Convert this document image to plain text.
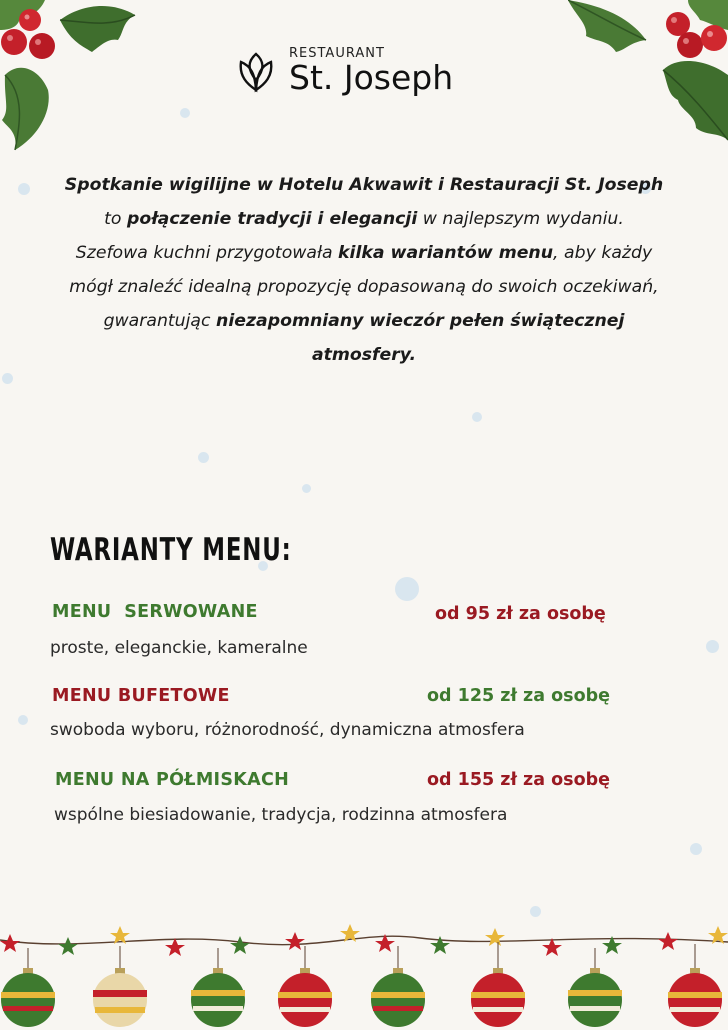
RESTAURANT
St. Joseph
Spotkanie wigilijne w Hotelu Akwawit i Restauracji St. Joseph to połączenie tradycji i elegancji w najlepszym wydaniu.
Szefowa kuchni przygotowała kilka wariantów menu, aby każdy mógł znaleźć idealną propozycję dopasowaną do swoich oczekiwań, gwarantując niezapomniany wieczór pełen świątecznej atmosfery.
WARIANTY MENU:
MENU  SERWOWANE	od 95 zł za osobę
proste, eleganckie, kameralne
MENU BUFETOWE	od 125 zł za osobę
swoboda wyboru, różnorodność, dynamiczna atmosfera
MENU NA PÓŁMISKACH	od 155 zł za osobę
wspólne biesiadowanie, tradycja, rodzinna atmosfera
